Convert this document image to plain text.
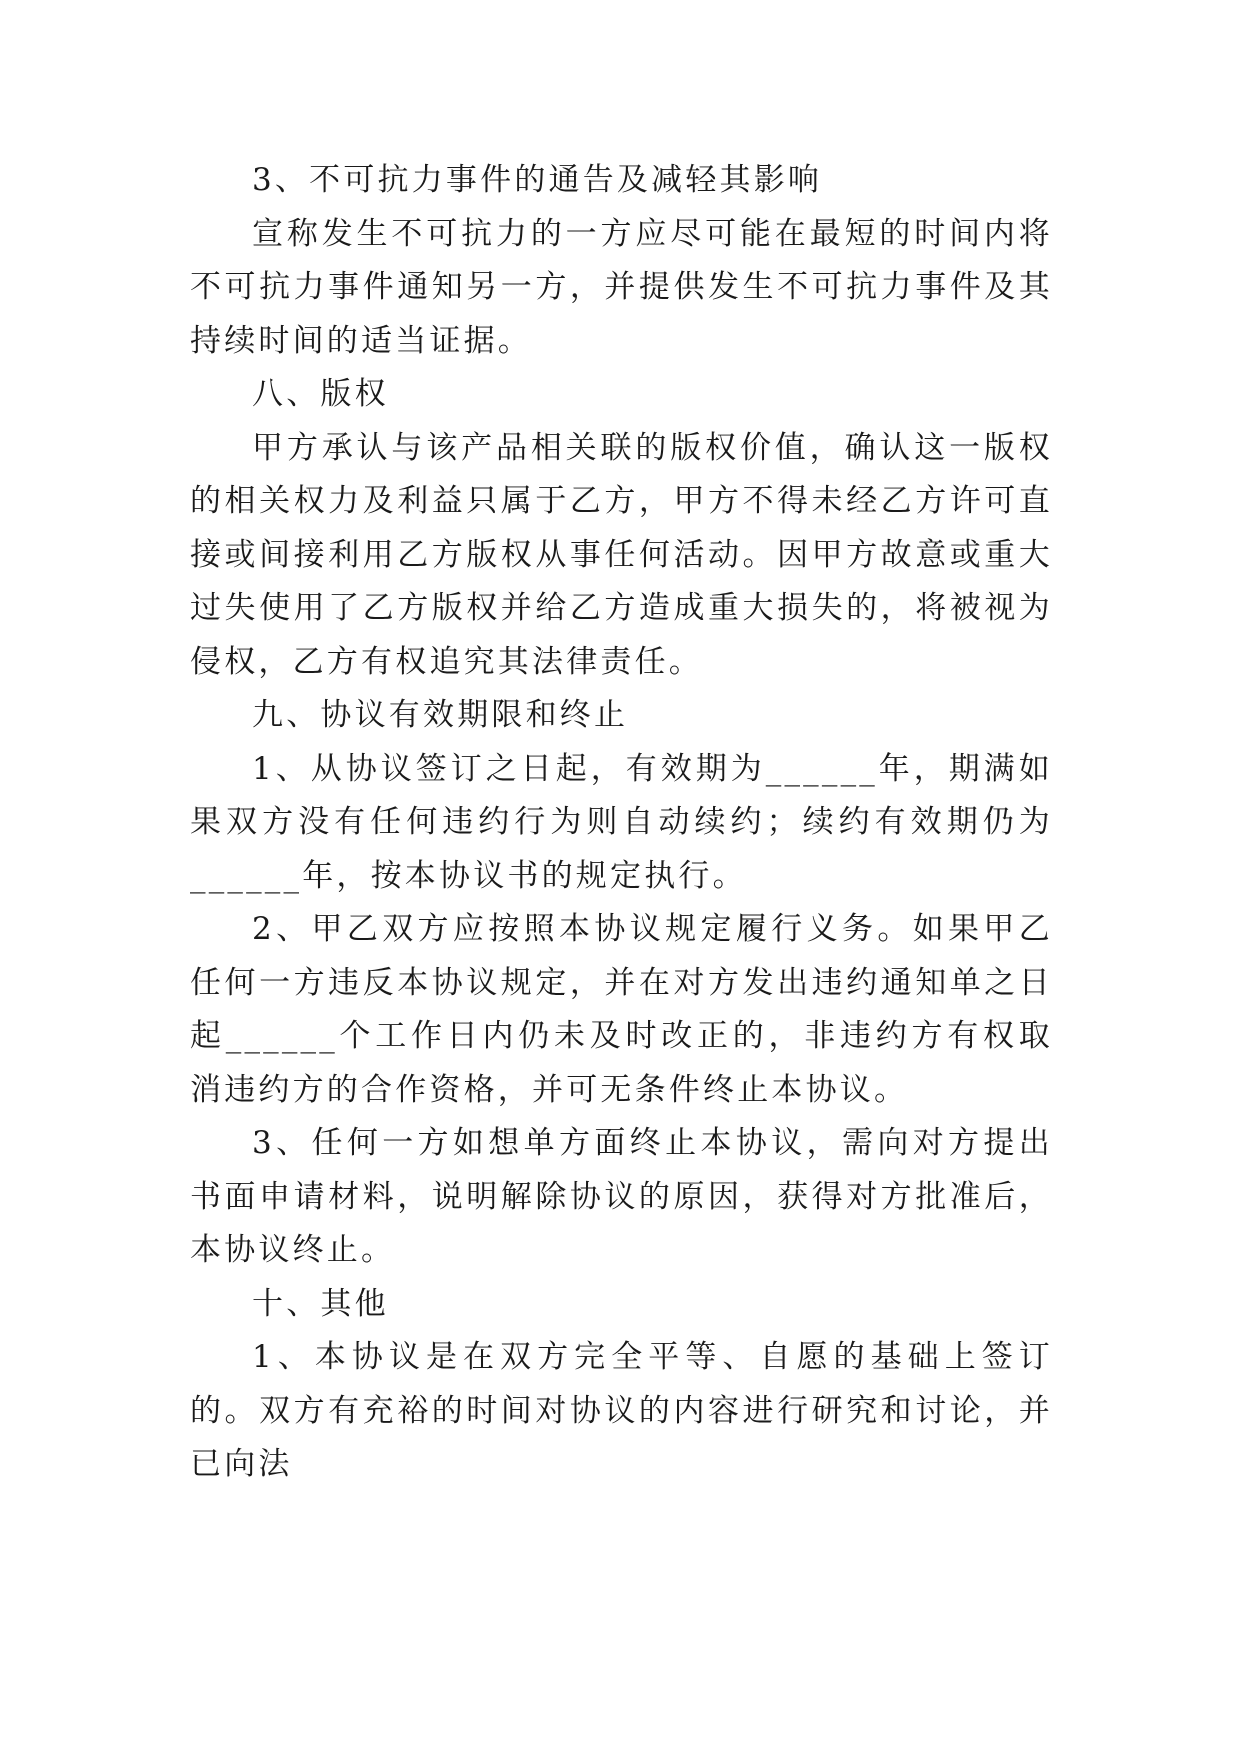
3、不可抗力事件的通告及减轻其影响

宣称发生不可抗力的一方应尽可能在最短的时间内将不可抗力事件通知另一方，并提供发生不可抗力事件及其持续时间的适当证据。

八、版权

甲方承认与该产品相关联的版权价值，确认这一版权的相关权力及利益只属于乙方，甲方不得未经乙方许可直接或间接利用乙方版权从事任何活动。因甲方故意或重大过失使用了乙方版权并给乙方造成重大损失的，将被视为侵权，乙方有权追究其法律责任。

九、协议有效期限和终止

1、从协议签订之日起，有效期为______年，期满如果双方没有任何违约行为则自动续约；续约有效期仍为______年，按本协议书的规定执行。

2、甲乙双方应按照本协议规定履行义务。如果甲乙任何一方违反本协议规定，并在对方发出违约通知单之日起______个工作日内仍未及时改正的，非违约方有权取消违约方的合作资格，并可无条件终止本协议。

3、任何一方如想单方面终止本协议，需向对方提出书面申请材料，说明解除协议的原因，获得对方批准后，本协议终止。

十、其他

1、本协议是在双方完全平等、自愿的基础上签订的。双方有充裕的时间对协议的内容进行研究和讨论，并已向法
